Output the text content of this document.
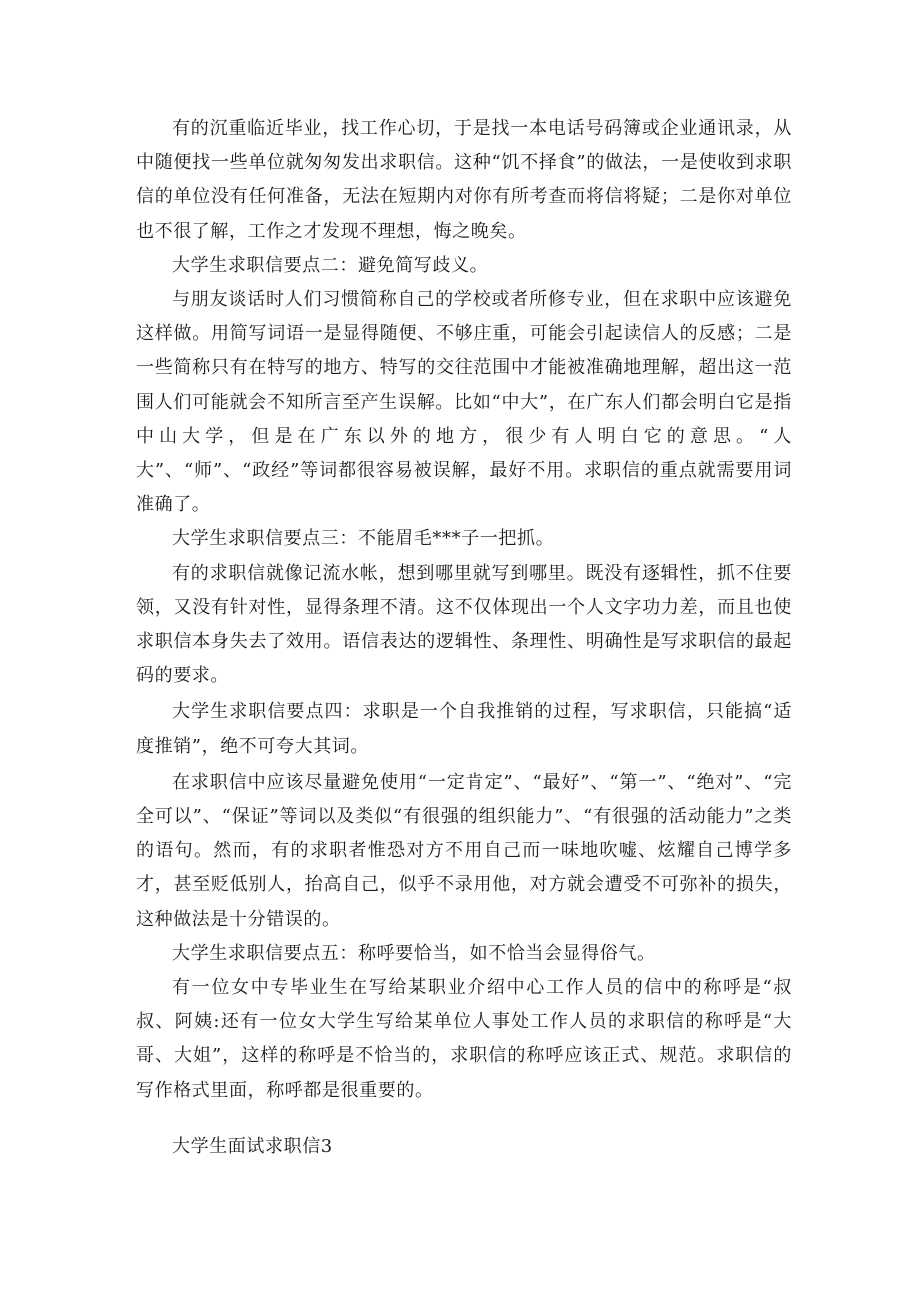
有的沉重临近毕业，找工作心切，于是找一本电话号码簿或企业通讯录，从中随便找一些单位就匆匆发出求职信。这种“饥不择食”的做法，一是使收到求职信的单位没有任何准备，无法在短期内对你有所考查而将信将疑；二是你对单位也不很了解，工作之才发现不理想，悔之晚矣。

大学生求职信要点二：避免简写歧义。

与朋友谈话时人们习惯简称自己的学校或者所修专业，但在求职中应该避免这样做。用简写词语一是显得随便、不够庄重，可能会引起读信人的反感；二是一些简称只有在特写的地方、特写的交往范围中才能被准确地理解，超出这一范围人们可能就会不知所言至产生误解。比如“中大”，在广东人们都会明白它是指中山大学，但是在广东以外的地方，很少有人明白它的意思。“人大”、“师”、“政经”等词都很容易被误解，最好不用。求职信的重点就需要用词准确了。

大学生求职信要点三：不能眉毛***子一把抓。

有的求职信就像记流水帐，想到哪里就写到哪里。既没有逐辑性，抓不住要领，又没有针对性，显得条理不清。这不仅体现出一个人文字功力差，而且也使求职信本身失去了效用。语信表达的逻辑性、条理性、明确性是写求职信的最起码的要求。

大学生求职信要点四：求职是一个自我推销的过程，写求职信，只能搞“适度推销”，绝不可夸大其词。

在求职信中应该尽量避免使用“一定肯定”、“最好”、“第一”、“绝对”、“完全可以”、“保证”等词以及类似“有很强的组织能力”、“有很强的活动能力”之类的语句。然而，有的求职者惟恐对方不用自己而一味地吹嘘、炫耀自己博学多才，甚至贬低别人，抬高自己，似乎不录用他，对方就会遭受不可弥补的损失，这种做法是十分错误的。

大学生求职信要点五：称呼要恰当，如不恰当会显得俗气。

有一位女中专毕业生在写给某职业介绍中心工作人员的信中的称呼是“叔叔、阿姨:还有一位女大学生写给某单位人事处工作人员的求职信的称呼是“大哥、大姐”，这样的称呼是不恰当的，求职信的称呼应该正式、规范。求职信的写作格式里面，称呼都是很重要的。

大学生面试求职信3
